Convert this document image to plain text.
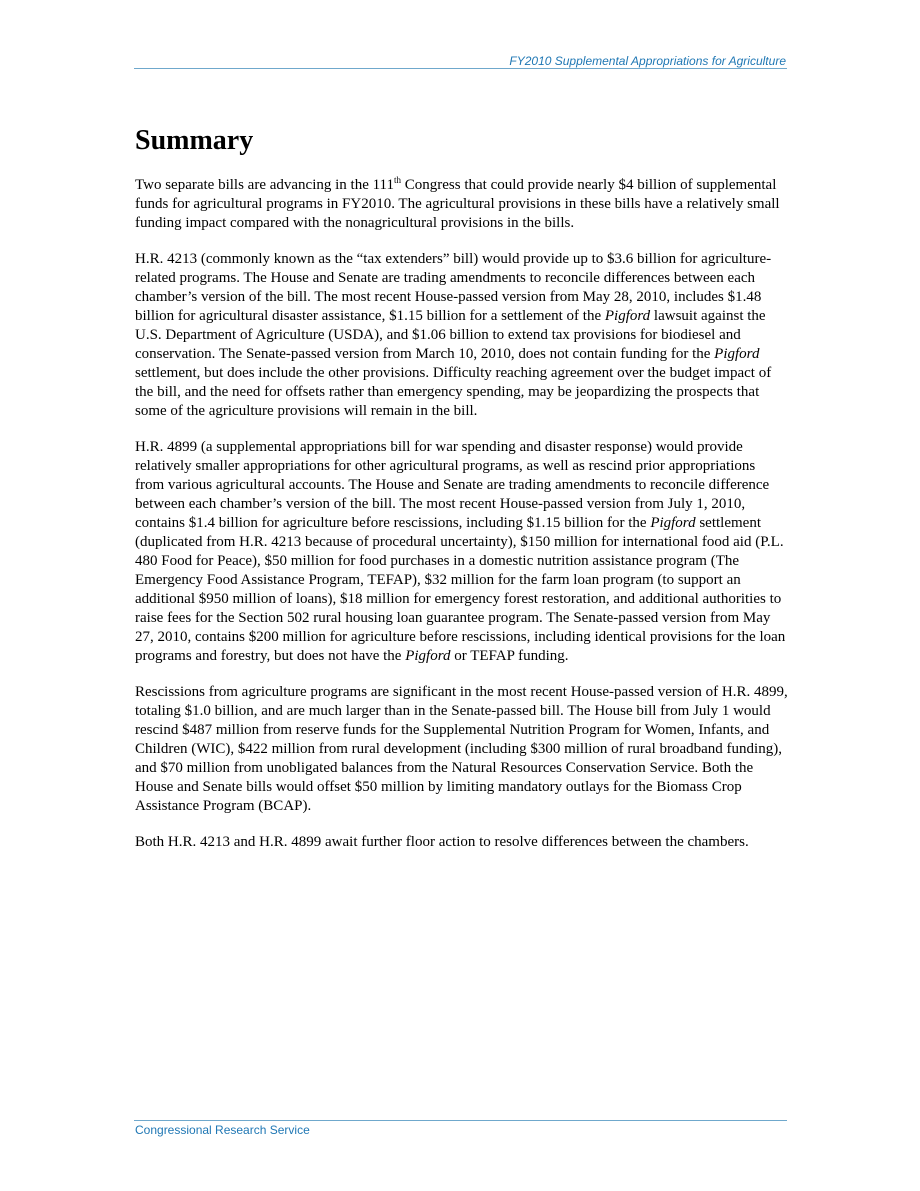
FY2010 Supplemental Appropriations for Agriculture
Summary

Two separate bills are advancing in the 111th Congress that could provide nearly $4 billion of supplemental funds for agricultural programs in FY2010. The agricultural provisions in these bills have a relatively small funding impact compared with the nonagricultural provisions in the bills.

H.R. 4213 (commonly known as the “tax extenders” bill) would provide up to $3.6 billion for agriculture-related programs. The House and Senate are trading amendments to reconcile differences between each chamber’s version of the bill. The most recent House-passed version from May 28, 2010, includes $1.48 billion for agricultural disaster assistance, $1.15 billion for a settlement of the Pigford lawsuit against the U.S. Department of Agriculture (USDA), and $1.06 billion to extend tax provisions for biodiesel and conservation. The Senate-passed version from March 10, 2010, does not contain funding for the Pigford settlement, but does include the other provisions. Difficulty reaching agreement over the budget impact of the bill, and the need for offsets rather than emergency spending, may be jeopardizing the prospects that some of the agriculture provisions will remain in the bill.

H.R. 4899 (a supplemental appropriations bill for war spending and disaster response) would provide relatively smaller appropriations for other agricultural programs, as well as rescind prior appropriations from various agricultural accounts. The House and Senate are trading amendments to reconcile difference between each chamber’s version of the bill. The most recent House-passed version from July 1, 2010, contains $1.4 billion for agriculture before rescissions, including $1.15 billion for the Pigford settlement (duplicated from H.R. 4213 because of procedural uncertainty), $150 million for international food aid (P.L. 480 Food for Peace), $50 million for food purchases in a domestic nutrition assistance program (The Emergency Food Assistance Program, TEFAP), $32 million for the farm loan program (to support an additional $950 million of loans), $18 million for emergency forest restoration, and additional authorities to raise fees for the Section 502 rural housing loan guarantee program. The Senate-passed version from May 27, 2010, contains $200 million for agriculture before rescissions, including identical provisions for the loan programs and forestry, but does not have the Pigford or TEFAP funding.

Rescissions from agriculture programs are significant in the most recent House-passed version of H.R. 4899, totaling $1.0 billion, and are much larger than in the Senate-passed bill. The House bill from July 1 would rescind $487 million from reserve funds for the Supplemental Nutrition Program for Women, Infants, and Children (WIC), $422 million from rural development (including $300 million of rural broadband funding), and $70 million from unobligated balances from the Natural Resources Conservation Service. Both the House and Senate bills would offset $50 million by limiting mandatory outlays for the Biomass Crop Assistance Program (BCAP).

Both H.R. 4213 and H.R. 4899 await further floor action to resolve differences between the chambers.

Congressional Research Service
